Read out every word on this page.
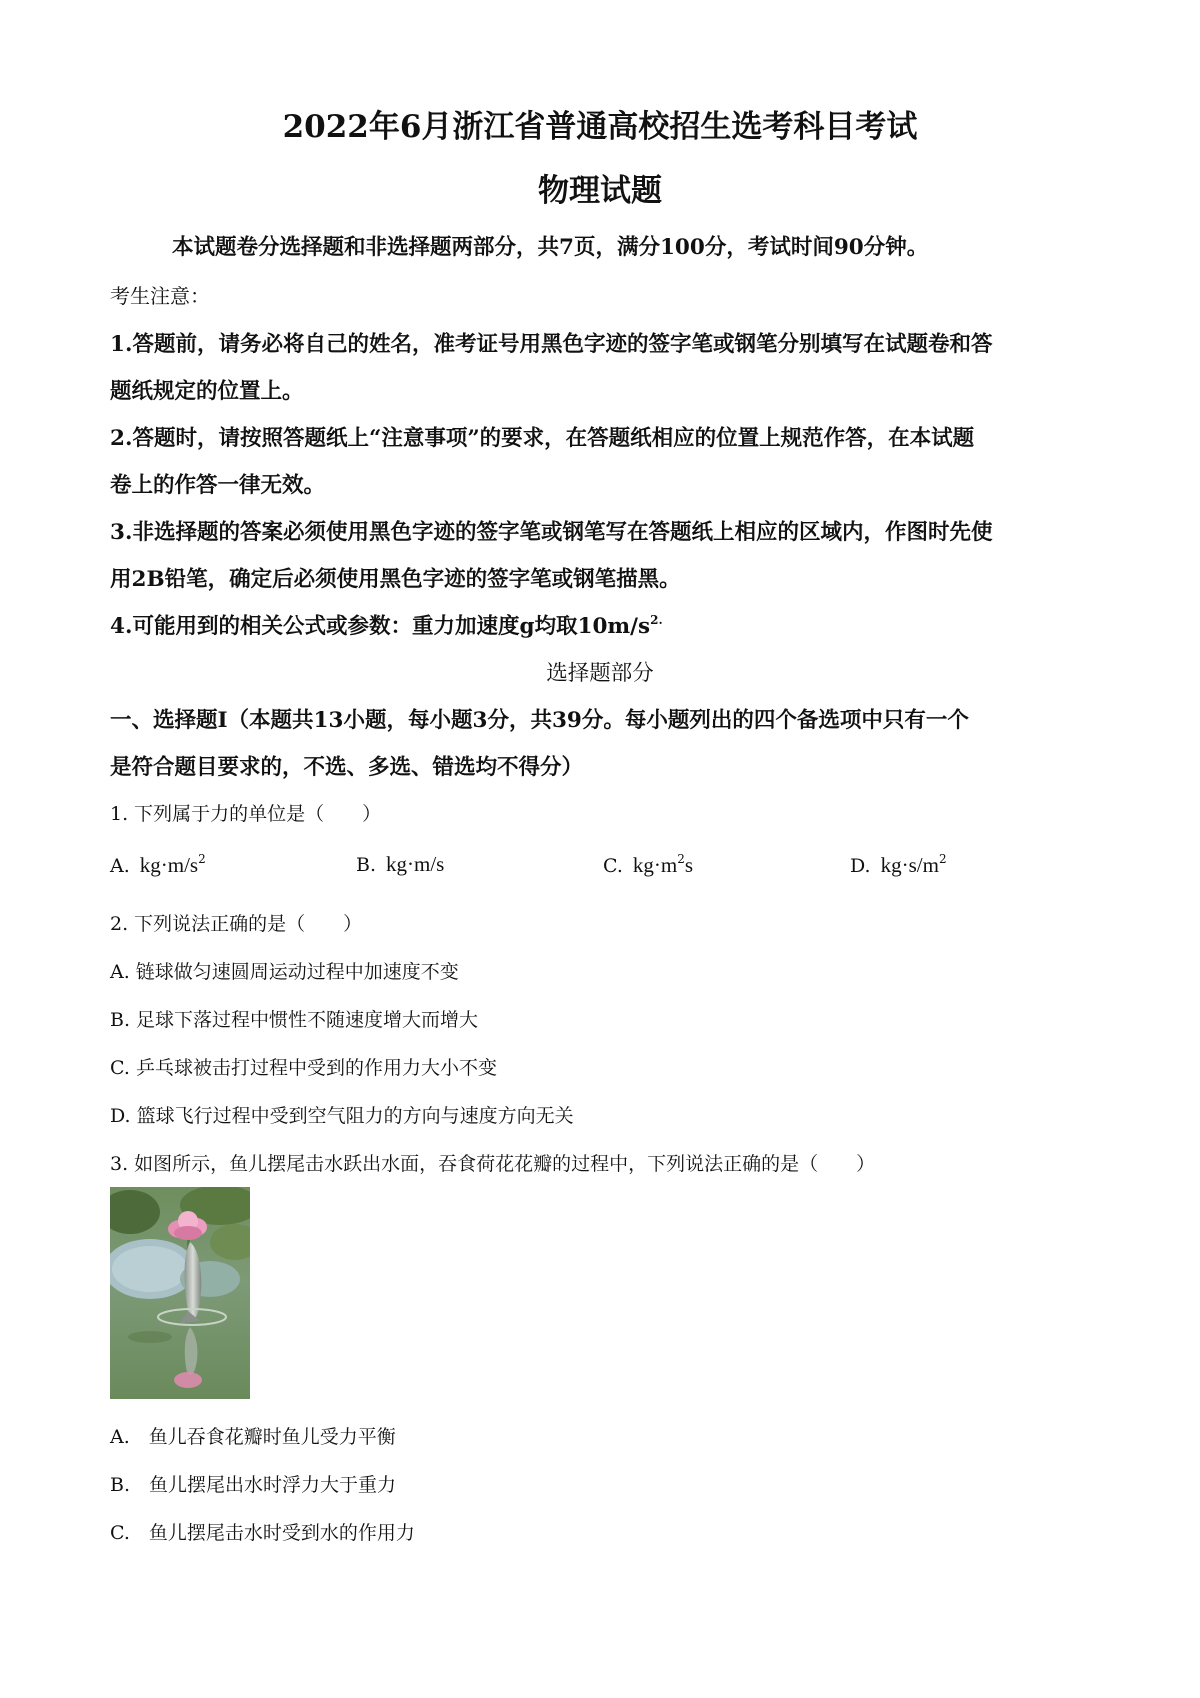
2022年6月浙江省普通高校招生选考科目考试
物理试题
本试题卷分选择题和非选择题两部分，共7页，满分100分，考试时间90分钟。
考生注意：
1.答题前，请务必将自己的姓名，准考证号用黑色字迹的签字笔或钢笔分别填写在试题卷和答
题纸规定的位置上。
2.答题时，请按照答题纸上“注意事项”的要求，在答题纸相应的位置上规范作答，在本试题
卷上的作答一律无效。
3.非选择题的答案必须使用黑色字迹的签字笔或钢笔写在答题纸上相应的区域内，作图时先使
用2B铅笔，确定后必须使用黑色字迹的签字笔或钢笔描黑。
4.可能用到的相关公式或参数：重力加速度g均取$10m/s^{2.}$
选择题部分
一、选择题Ⅰ（本题共13小题，每小题3分，共39分。每小题列出的四个备选项中只有一个
是符合题目要求的，不选、多选、错选均不得分）
1. 下列属于力的单位是（　　）
A. $kg\cdot m/s^2$	B. kg·m/s	C. $kg\cdot m^2s$	D. $kg\cdot s/m^2$
2. 下列说法正确的是（　　）
A. 链球做匀速圆周运动过程中加速度不变
B. 足球下落过程中惯性不随速度增大而增大
C. 乒乓球被击打过程中受到的作用力大小不变
D. 篮球飞行过程中受到空气阻力的方向与速度方向无关
3. 如图所示，鱼儿摆尾击水跃出水面，吞食荷花花瓣的过程中，下列说法正确的是（　　）
A.　鱼儿吞食花瓣时鱼儿受力平衡
B.　鱼儿摆尾出水时浮力大于重力
C.　鱼儿摆尾击水时受到水的作用力
